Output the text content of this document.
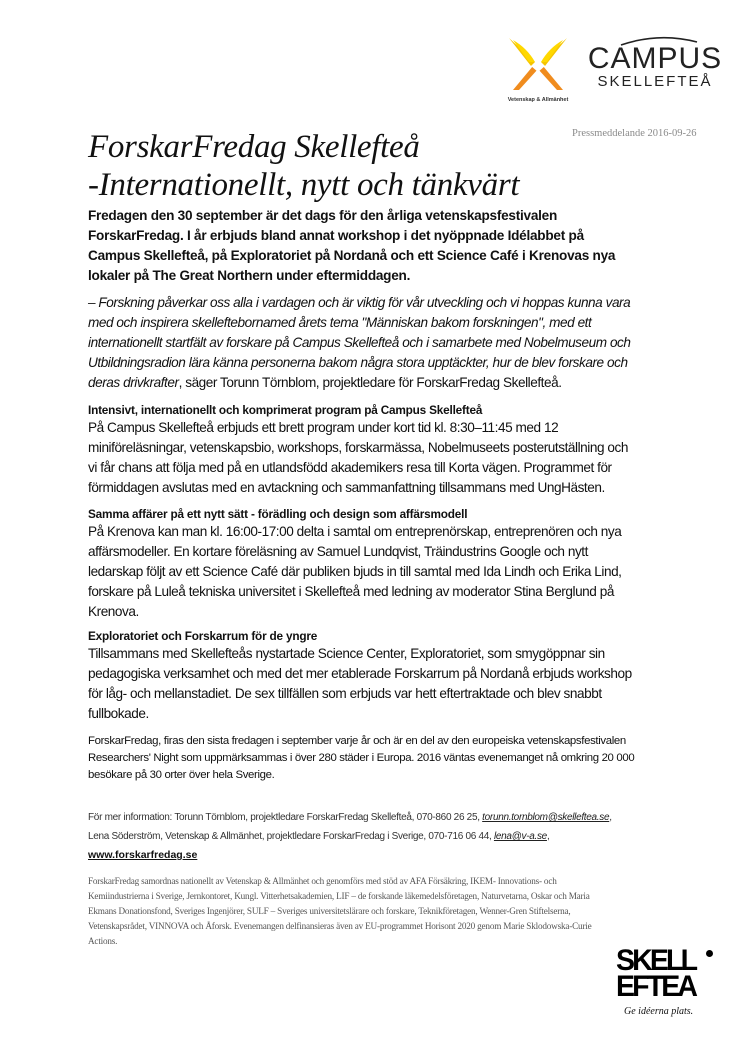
Vetenskap & Allmänhet
CAMPUS
SKELLEFTEÅ
Pressmeddelande 2016-09-26
ForskarFredag Skellefteå
-Internationellt, nytt och tänkvärt
Fredagen den 30 september är det dags för den årliga vetenskapsfestivalen
ForskarFredag. I år erbjuds bland annat workshop i det nyöppnade Idélabbet på
Campus Skellefteå, på Exploratoriet på Nordanå och ett Science Café i Krenovas nya
lokaler på The Great Northern under eftermiddagen.
– Forskning påverkar oss alla i vardagen och är viktig för vår utveckling och vi hoppas kunna vara
med och inspirera skelleftebornamed årets tema "Människan bakom forskningen", med ett
internationellt startfält av forskare på Campus Skellefteå och i samarbete med Nobelmuseum och
Utbildningsradion lära känna personerna bakom några stora upptäckter, hur de blev forskare och
deras drivkrafter, säger Torunn Törnblom, projektledare för ForskarFredag Skellefteå.
Intensivt, internationellt och komprimerat program på Campus Skellefteå
På Campus Skellefteå erbjuds ett brett program under kort tid kl. 8:30–11:45 med 12
miniföreläsningar, vetenskapsbio, workshops, forskarmässa, Nobelmuseets posterutställning och
vi får chans att följa med på en utlandsfödd akademikers resa till Korta vägen. Programmet för
förmiddagen avslutas med en avtackning och sammanfattning tillsammans med UngHästen.
Samma affärer på ett nytt sätt - förädling och design som affärsmodell
På Krenova kan man kl. 16:00-17:00 delta i samtal om entreprenörskap, entreprenören och nya
affärsmodeller. En kortare föreläsning av Samuel Lundqvist, Träindustrins Google och nytt
ledarskap följt av ett Science Café där publiken bjuds in till samtal med Ida Lindh och Erika Lind,
forskare på Luleå tekniska universitet i Skellefteå med ledning av moderator Stina Berglund på
Krenova.
Exploratoriet och Forskarrum för de yngre
Tillsammans med Skellefteås nystartade Science Center, Exploratoriet, som smygöppnar sin
pedagogiska verksamhet och med det mer etablerade Forskarrum på Nordanå erbjuds workshop
för låg- och mellanstadiet. De sex tillfällen som erbjuds var hett eftertraktade och blev snabbt
fullbokade.
ForskarFredag, firas den sista fredagen i september varje år och är en del av den europeiska vetenskapsfestivalen
Researchers' Night som uppmärksammas i över 280 städer i Europa. 2016 väntas evenemanget nå omkring 20 000
besökare på 30 orter över hela Sverige.
För mer information: Torunn Törnblom, projektledare ForskarFredag Skellefteå, 070-860 26 25, torunn.tornblom@skelleftea.se,
Lena Söderström, Vetenskap & Allmänhet, projektledare ForskarFredag i Sverige, 070-716 06 44, lena@v-a.se,
www.forskarfredag.se
ForskarFredag samordnas nationellt av Vetenskap & Allmänhet och genomförs med stöd av AFA Försäkring, IKEM- Innovations- och
Kemiindustrierna i Sverige, Jernkontoret, Kungl. Vitterhetsakademien, LIF – de forskande läkemedelsföretagen, Naturvetarna, Oskar och Maria
Ekmans Donationsfond, Sveriges Ingenjörer, SULF – Sveriges universitetslärare och forskare, Teknikföretagen, Wenner-Gren Stiftelserna,
Vetenskapsrådet, VINNOVA och Åforsk. Evenemangen delfinansieras även av EU-programmet Horisont 2020 genom Marie Sklodowska-Curie
Actions.
SKELL
EFTEA
Ge idéerna plats.
